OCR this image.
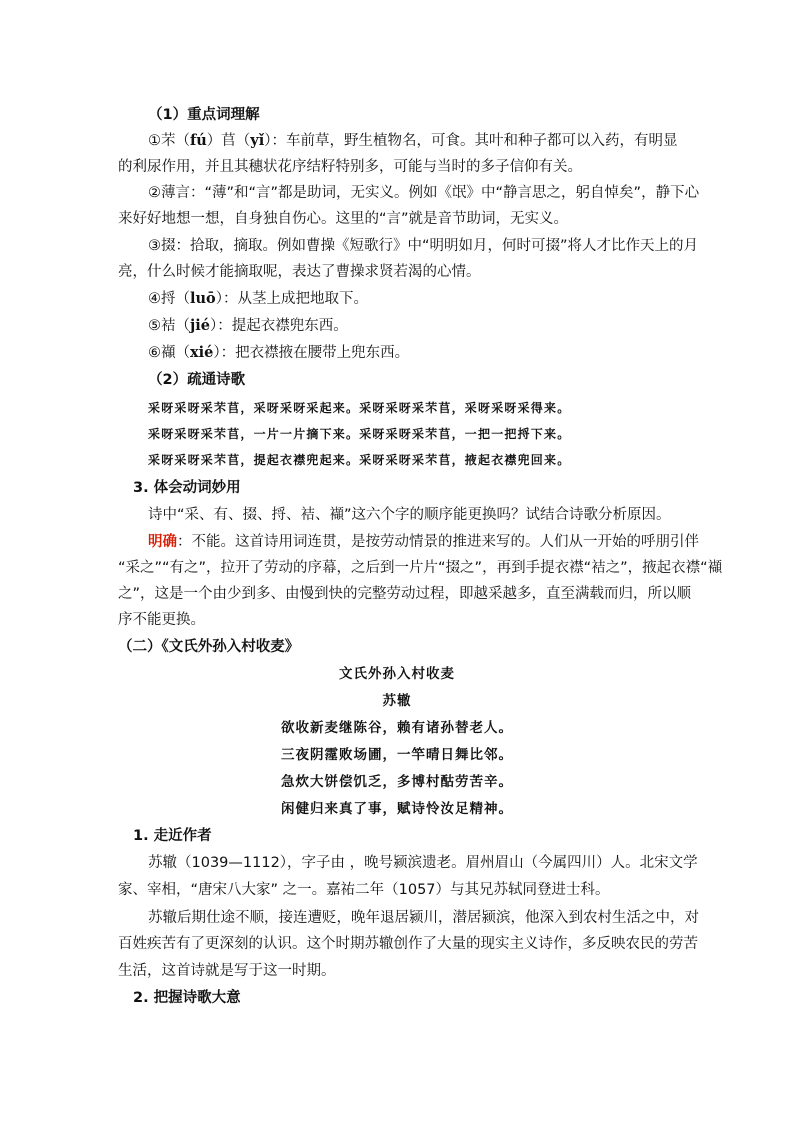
（1）重点词理解
①芣（fú）苢（yǐ）：车前草，野生植物名，可食。其叶和种子都可以入药，有明显
的利尿作用，并且其穗状花序结籽特别多，可能与当时的多子信仰有关。
②薄言：“薄”和“言”都是助词，无实义。例如《氓》中“静言思之，躬自悼矣”，静下心
来好好地想一想，自身独自伤心。这里的“言”就是音节助词，无实义。
③掇：拾取，摘取。例如曹操《短歌行》中“明明如月，何时可掇”将人才比作天上的月
亮，什么时候才能摘取呢，表达了曹操求贤若渴的心情。
④捋（luō）：从茎上成把地取下。
⑤袺（jié）：提起衣襟兜东西。
⑥襭（xié）：把衣襟掖在腰带上兜东西。
（2）疏通诗歌
采呀采呀采芣苢，采呀采呀采起来。采呀采呀采芣苢，采呀采呀采得来。
采呀采呀采芣苢，一片一片摘下来。采呀采呀采芣苢，一把一把捋下来。
采呀采呀采芣苢，提起衣襟兜起来。采呀采呀采芣苢，掖起衣襟兜回来。
3. 体会动词妙用
诗中“采、有、掇、捋、袺、襭”这六个字的顺序能更换吗？试结合诗歌分析原因。
明确：不能。这首诗用词连贯，是按劳动情景的推进来写的。人们从一开始的呼朋引伴
“采之”“有之”，拉开了劳动的序幕，之后到一片片“掇之”，再到手提衣襟“袺之”，掖起衣襟“襭
之”，这是一个由少到多、由慢到快的完整劳动过程，即越采越多，直至满载而归，所以顺
序不能更换。
（二）《文氏外孙入村收麦》
文氏外孙入村收麦
苏辙
欲收新麦继陈谷，赖有诸孙替老人。
三夜阴霪败场圃，一竿晴日舞比邻。
急炊大饼偿饥乏，多博村酤劳苦辛。
闲健归来真了事，赋诗怜汝足精神。
1. 走近作者
苏辙（1039—1112），字子由 ，晚号颍滨遗老。眉州眉山（今属四川）人。北宋文学
家、宰相，“唐宋八大家” 之一。嘉祐二年（1057）与其兄苏轼同登进士科。
苏辙后期仕途不顺，接连遭贬，晚年退居颍川，潜居颍滨，他深入到农村生活之中，对
百姓疾苦有了更深刻的认识。这个时期苏辙创作了大量的现实主义诗作，多反映农民的劳苦
生活，这首诗就是写于这一时期。
2. 把握诗歌大意
